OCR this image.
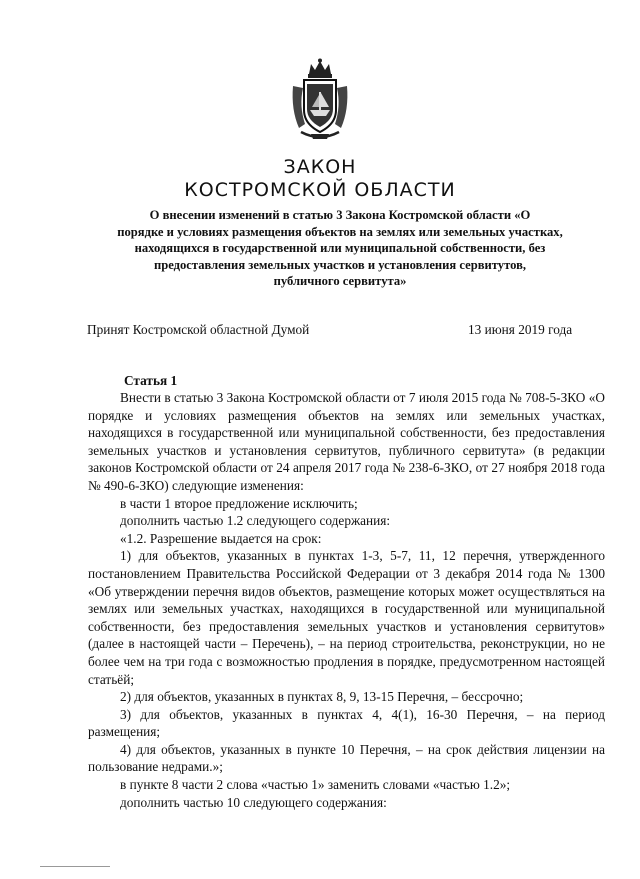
ЗАКОН
КОСТРОМСКОЙ ОБЛАСТИ
О внесении изменений в статью 3 Закона Костромской области «О
порядке и условиях размещения объектов на землях или земельных участках,
находящихся в государственной или муниципальной собственности, без
предоставления земельных участков и установления сервитутов,
публичного сервитута»
Принят Костромской областной Думой	13 июня 2019 года
Статья 1

Внести в статью 3 Закона Костромской области от 7 июля 2015 года № 708-5-ЗКО «О порядке и условиях размещения объектов на землях или земельных участках, находящихся в государственной или муниципальной собственности, без предоставления земельных участков и установления сервитутов, публичного сервитута» (в редакции законов Костромской области от 24 апреля 2017 года № 238-6-ЗКО, от 27 ноября 2018 года № 490-6-ЗКО) следующие изменения:

в части 1 второе предложение исключить;

дополнить частью 1.2 следующего содержания:

«1.2. Разрешение выдается на срок:

1) для объектов, указанных в пунктах 1-3, 5-7, 11, 12 перечня, утвержденного постановлением Правительства Российской Федерации от 3 декабря 2014 года № 1300 «Об утверждении перечня видов объектов, размещение которых может осуществляться на землях или земельных участках, находящихся в государственной или муниципальной собственности, без предоставления земельных участков и установления сервитутов» (далее в настоящей части – Перечень), – на период строительства, реконструкции, но не более чем на три года с возможностью продления в порядке, предусмотренном настоящей статьёй;

2) для объектов, указанных в пунктах 8, 9, 13-15 Перечня, – бессрочно;

3) для объектов, указанных в пунктах 4, 4(1), 16-30 Перечня, – на период размещения;

4) для объектов, указанных в пункте 10 Перечня, – на срок действия лицензии на пользование недрами.»;

в пункте 8 части 2 слова «частью 1» заменить словами «частью 1.2»;

дополнить частью 10 следующего содержания:
